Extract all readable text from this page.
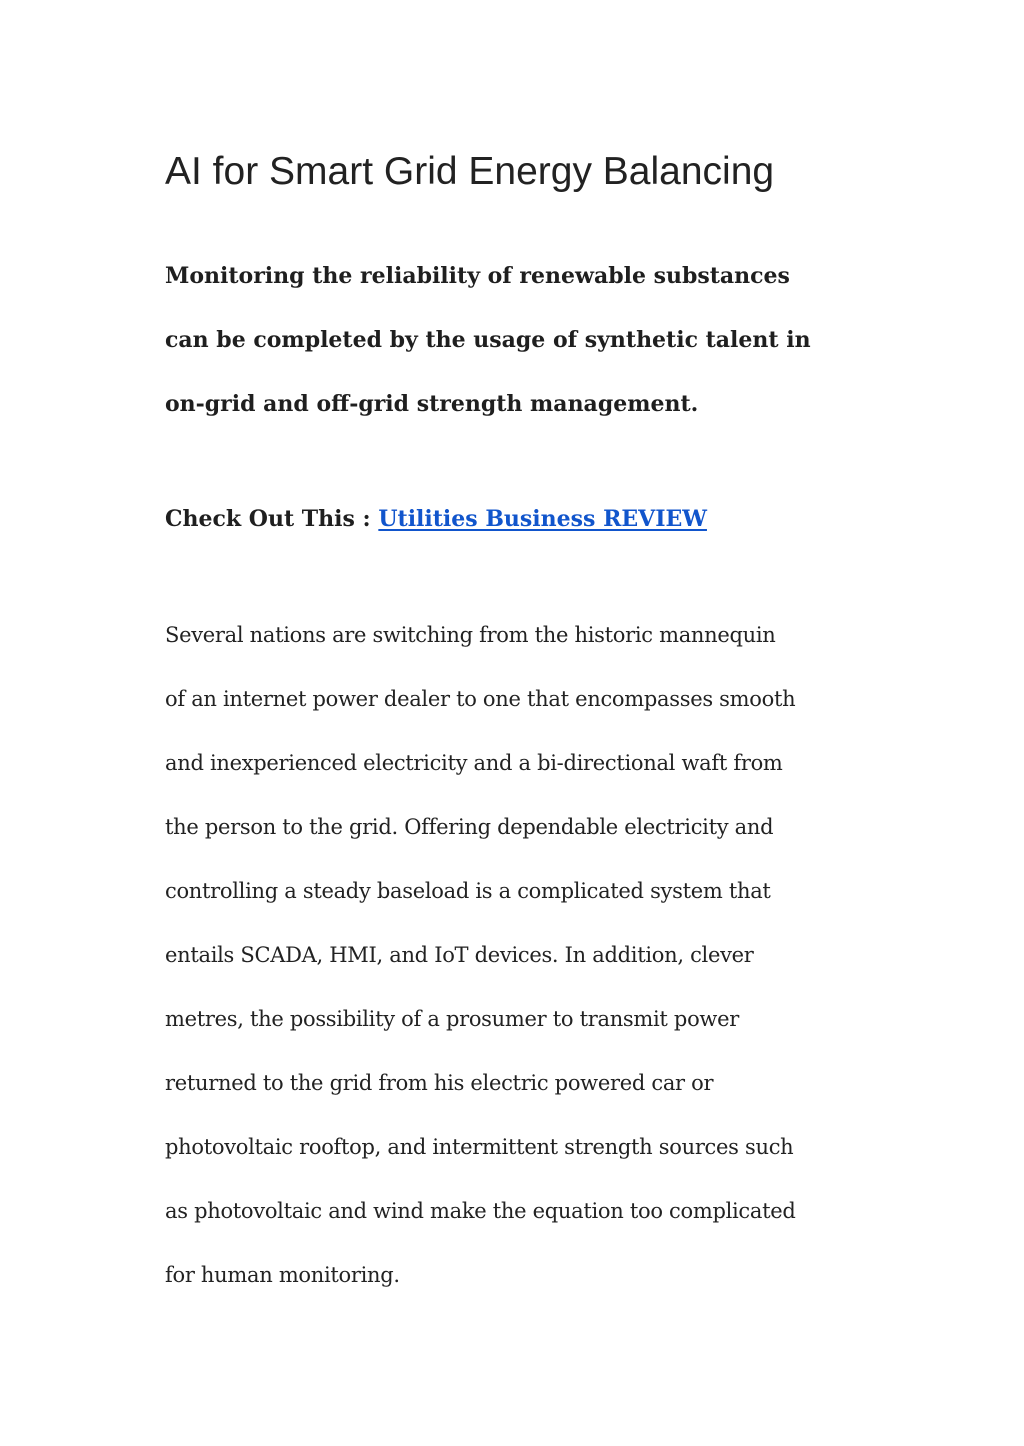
AI for Smart Grid Energy Balancing
Monitoring the reliability of renewable substances
can be completed by the usage of synthetic talent in
on-grid and off-grid strength management.
Check Out This : Utilities Business REVIEW
Several nations are switching from the historic mannequin
of an internet power dealer to one that encompasses smooth
and inexperienced electricity and a bi-directional waft from
the person to the grid. Offering dependable electricity and
controlling a steady baseload is a complicated system that
entails SCADA, HMI, and IoT devices. In addition, clever
metres, the possibility of a prosumer to transmit power
returned to the grid from his electric powered car or
photovoltaic rooftop, and intermittent strength sources such
as photovoltaic and wind make the equation too complicated
for human monitoring.
